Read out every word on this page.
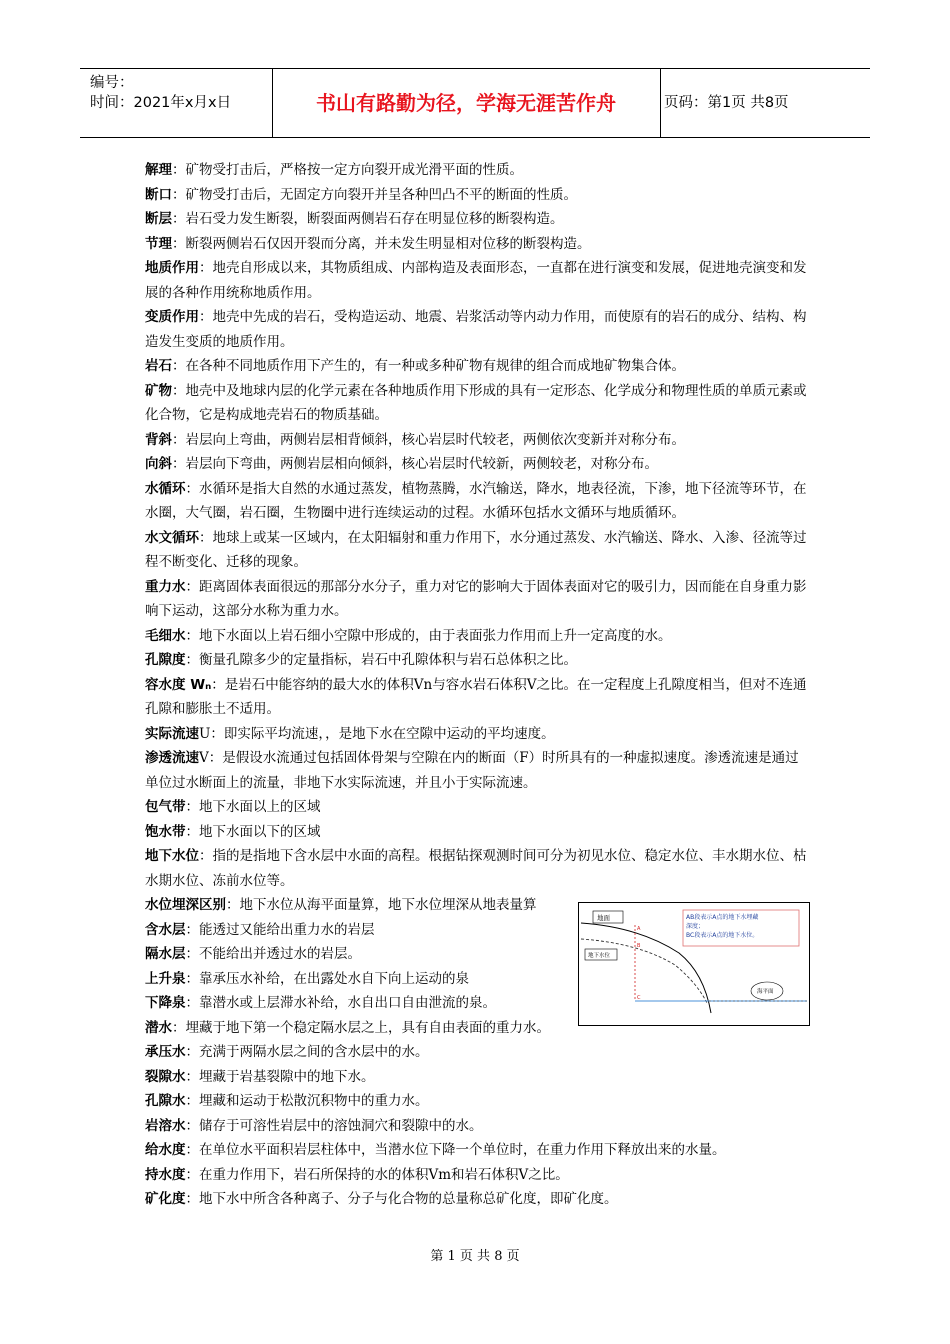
编号：
时间：2021年x月x日	书山有路勤为径，学海无涯苦作舟	页码：第1页 共8页

解理：矿物受打击后，严格按一定方向裂开成光滑平面的性质。

断口：矿物受打击后，无固定方向裂开并呈各种凹凸不平的断面的性质。

断层：岩石受力发生断裂，断裂面两侧岩石存在明显位移的断裂构造。

节理：断裂两侧岩石仅因开裂而分离，并未发生明显相对位移的断裂构造。

地质作用：地壳自形成以来，其物质组成、内部构造及表面形态，一直都在进行演变和发展，促进地壳演变和发展的各种作用统称地质作用。

变质作用：地壳中先成的岩石，受构造运动、地震、岩浆活动等内动力作用，而使原有的岩石的成分、结构、构造发生变质的地质作用。

岩石：在各种不同地质作用下产生的，有一种或多种矿物有规律的组合而成地矿物集合体。

矿物：地壳中及地球内层的化学元素在各种地质作用下形成的具有一定形态、化学成分和物理性质的单质元素或化合物，它是构成地壳岩石的物质基础。

背斜：岩层向上弯曲，两侧岩层相背倾斜，核心岩层时代较老，两侧依次变新并对称分布。

向斜：岩层向下弯曲，两侧岩层相向倾斜，核心岩层时代较新，两侧较老，对称分布。

水循环：水循环是指大自然的水通过蒸发，植物蒸腾，水汽输送，降水，地表径流，下渗，地下径流等环节，在水圈，大气圈，岩石圈，生物圈中进行连续运动的过程。水循环包括水文循环与地质循环。

水文循环：地球上或某一区域内，在太阳辐射和重力作用下，水分通过蒸发、水汽输送、降水、入渗、径流等过程不断变化、迁移的现象。

重力水：距离固体表面很远的那部分水分子，重力对它的影响大于固体表面对它的吸引力，因而能在自身重力影响下运动，这部分水称为重力水。

毛细水：地下水面以上岩石细小空隙中形成的，由于表面张力作用而上升一定高度的水。

孔隙度：衡量孔隙多少的定量指标，岩石中孔隙体积与岩石总体积之比。

容水度 Wₙ：是岩石中能容纳的最大水的体积Vn与容水岩石体积V之比。在一定程度上孔隙度相当，但对不连通孔隙和膨胀土不适用。

实际流速U：即实际平均流速，，是地下水在空隙中运动的平均速度。

渗透流速V：是假设水流通过包括固体骨架与空隙在内的断面（F）时所具有的一种虚拟速度。渗透流速是通过单位过水断面上的流量，非地下水实际流速，并且小于实际流速。

包气带：地下水面以上的区域

饱水带：地下水面以下的区域

地下水位：指的是指地下含水层中水面的高程。根据钻探观测时间可分为初见水位、稳定水位、丰水期水位、枯水期水位、冻前水位等。

水位埋深区别：地下水位从海平面量算，地下水位埋深从地表量算

含水层：能透过又能给出重力水的岩层

隔水层：不能给出并透过水的岩层。

上升泉：靠承压水补给，在出露处水自下向上运动的泉

下降泉：靠潜水或上层滞水补给，水自出口自由泄流的泉。

潜水：埋藏于地下第一个稳定隔水层之上，具有自由表面的重力水。

承压水：充满于两隔水层之间的含水层中的水。

裂隙水：埋藏于岩基裂隙中的地下水。

孔隙水：埋藏和运动于松散沉积物中的重力水。

岩溶水：储存于可溶性岩层中的溶蚀洞穴和裂隙中的水。

给水度：在单位水平面积岩层柱体中，当潜水位下降一个单位时，在重力作用下释放出来的水量。

持水度：在重力作用下，岩石所保持的水的体积Vm和岩石体积V之比。

矿化度：地下水中所含各种离子、分子与化合物的总量称总矿化度，即矿化度。

地面	AB段表示A点的地下水埋藏
深度；
BC段表示A点的地下水位。
A
B
C
地下水位
海平面
第 1 页 共 8 页
